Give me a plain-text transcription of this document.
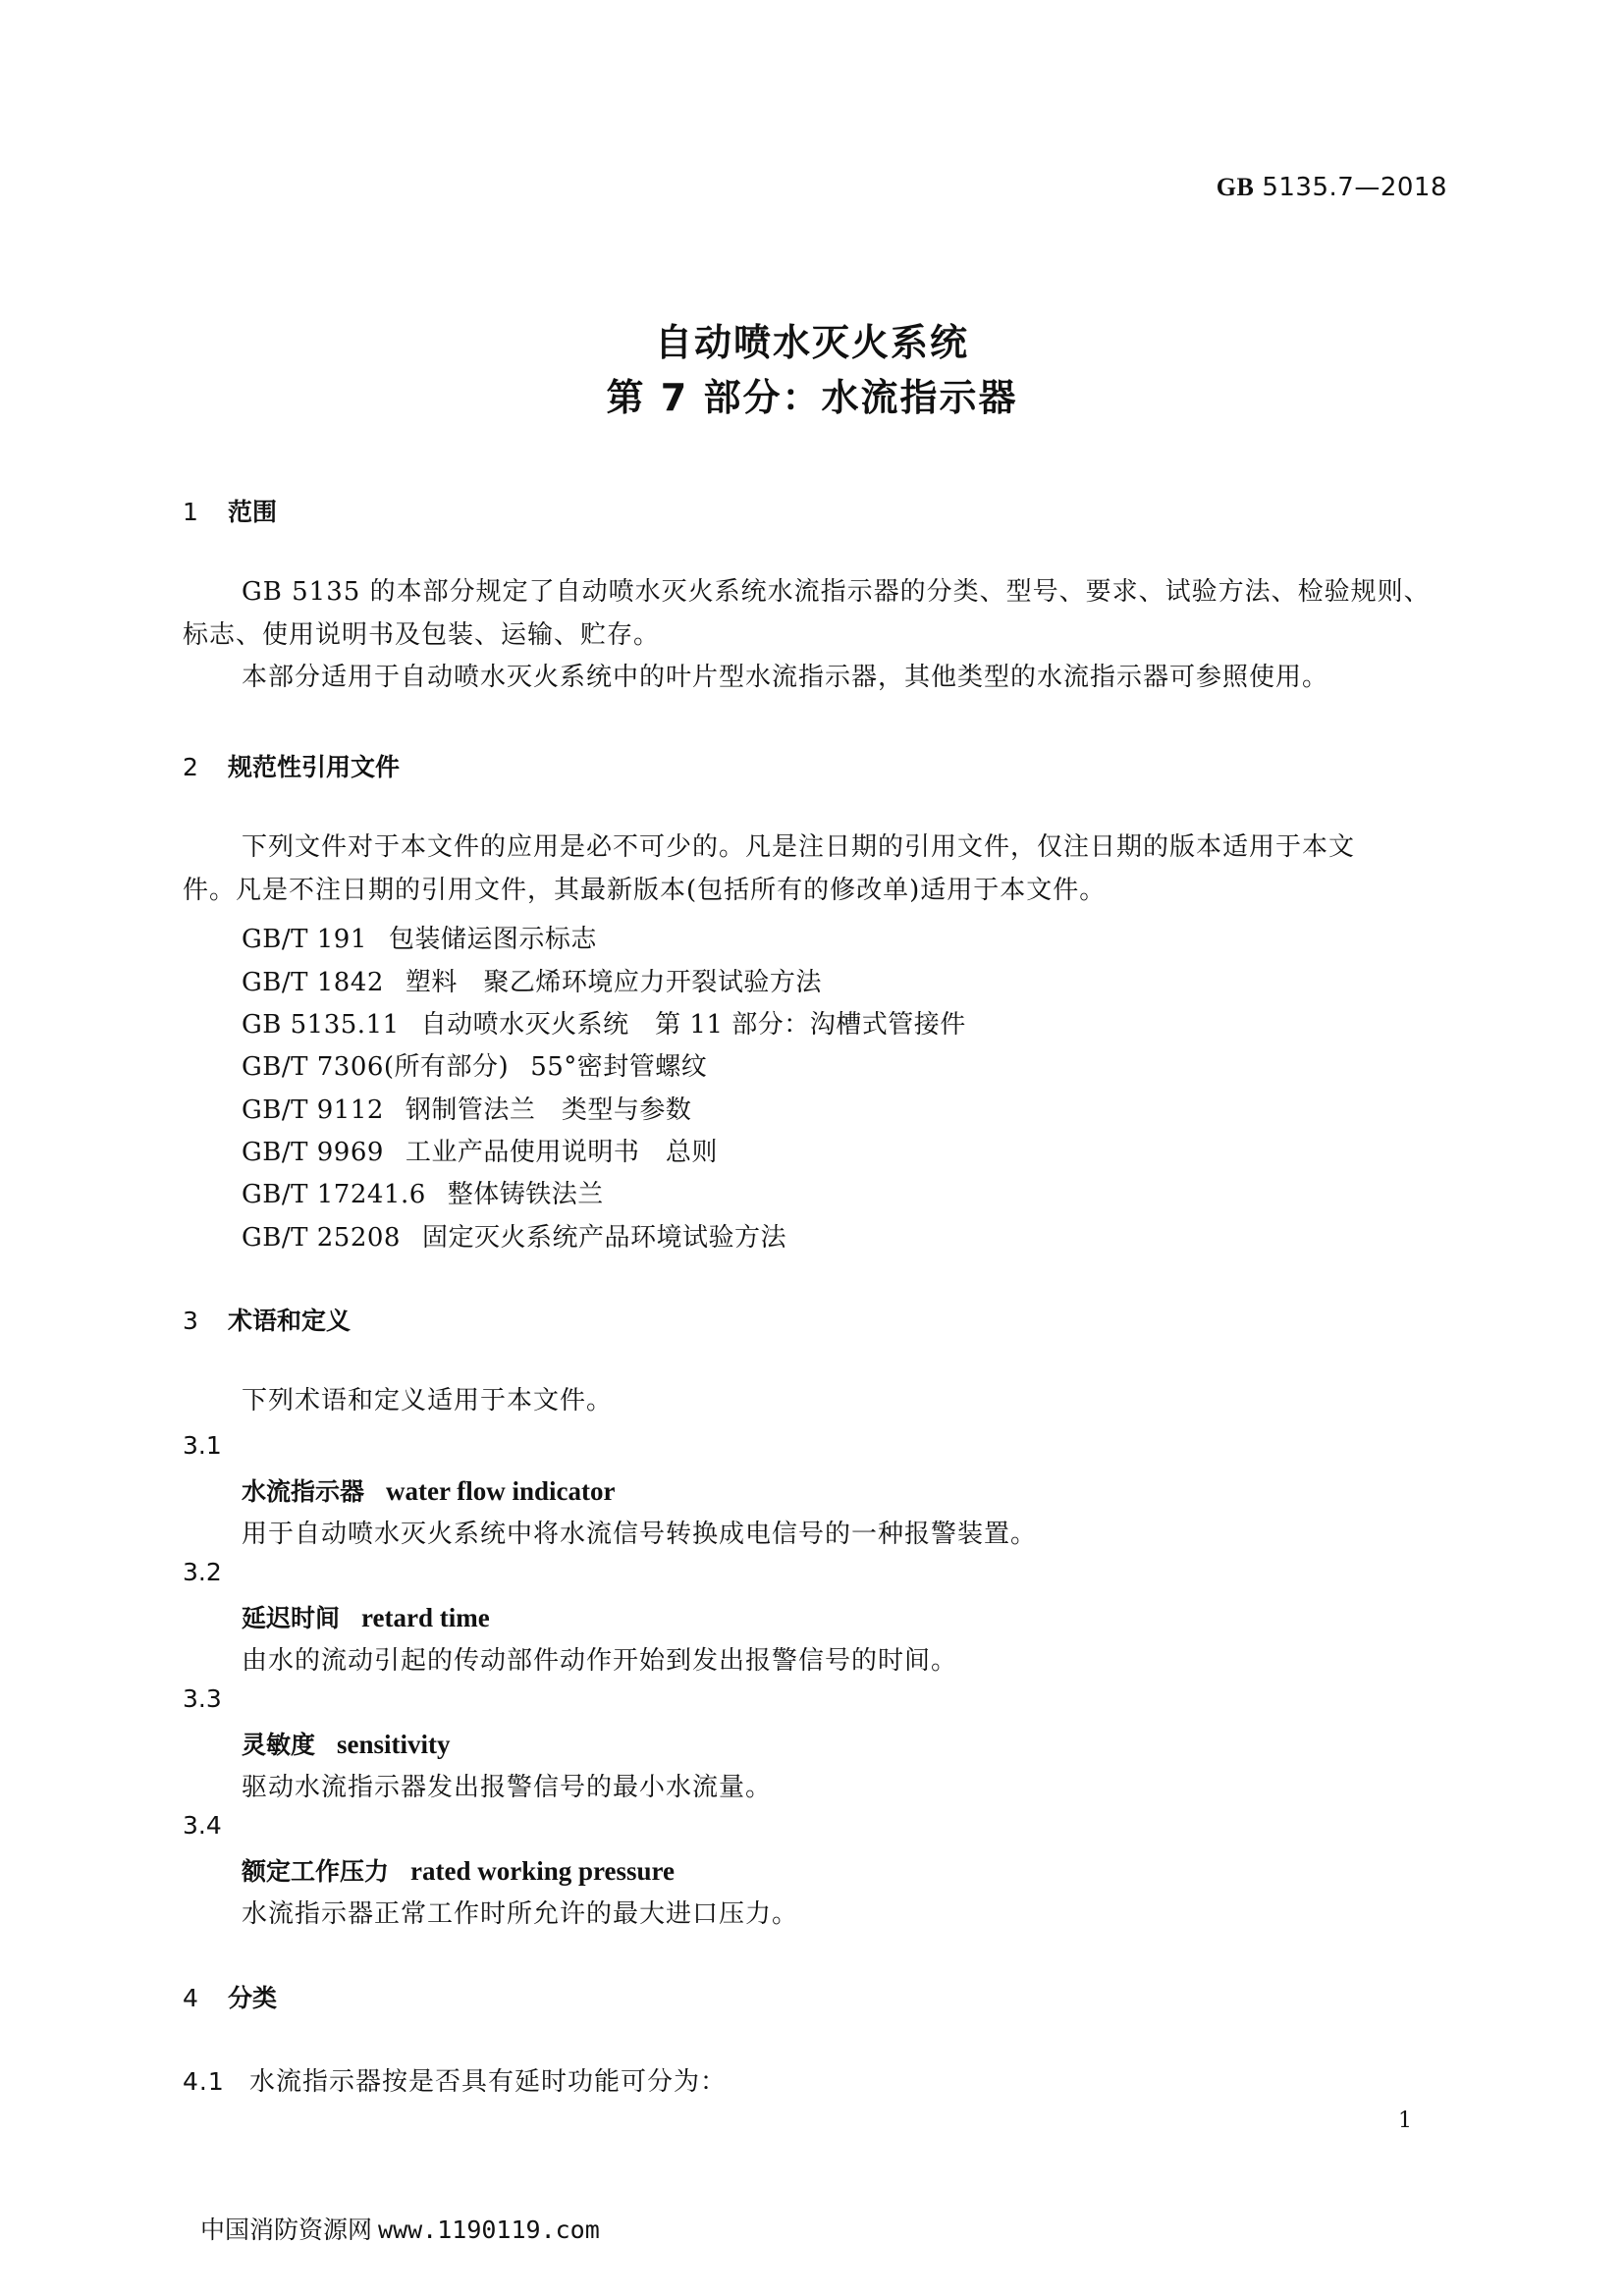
GB 5135.7—2018
自动喷水灭火系统
第 7 部分：水流指示器
1 范围
GB 5135 的本部分规定了自动喷水灭火系统水流指示器的分类、型号、要求、试验方法、检验规则、
标志、使用说明书及包装、运输、贮存。
本部分适用于自动喷水灭火系统中的叶片型水流指示器，其他类型的水流指示器可参照使用。
2 规范性引用文件
下列文件对于本文件的应用是必不可少的。凡是注日期的引用文件，仅注日期的版本适用于本文
件。凡是不注日期的引用文件，其最新版本(包括所有的修改单)适用于本文件。
GB/T 191 包装储运图示标志
GB/T 1842 塑料　聚乙烯环境应力开裂试验方法
GB 5135.11 自动喷水灭火系统　第 11 部分：沟槽式管接件
GB/T 7306(所有部分) 55°密封管螺纹
GB/T 9112 钢制管法兰　类型与参数
GB/T 9969 工业产品使用说明书　总则
GB/T 17241.6 整体铸铁法兰
GB/T 25208 固定灭火系统产品环境试验方法
3 术语和定义
下列术语和定义适用于本文件。
3.1
水流指示器 water flow indicator
用于自动喷水灭火系统中将水流信号转换成电信号的一种报警装置。
3.2
延迟时间 retard time
由水的流动引起的传动部件动作开始到发出报警信号的时间。
3.3
灵敏度 sensitivity
驱动水流指示器发出报警信号的最小水流量。
3.4
额定工作压力 rated working pressure
水流指示器正常工作时所允许的最大进口压力。
4 分类
4.1 水流指示器按是否具有延时功能可分为：
1
中国消防资源网 www.1190119.com
